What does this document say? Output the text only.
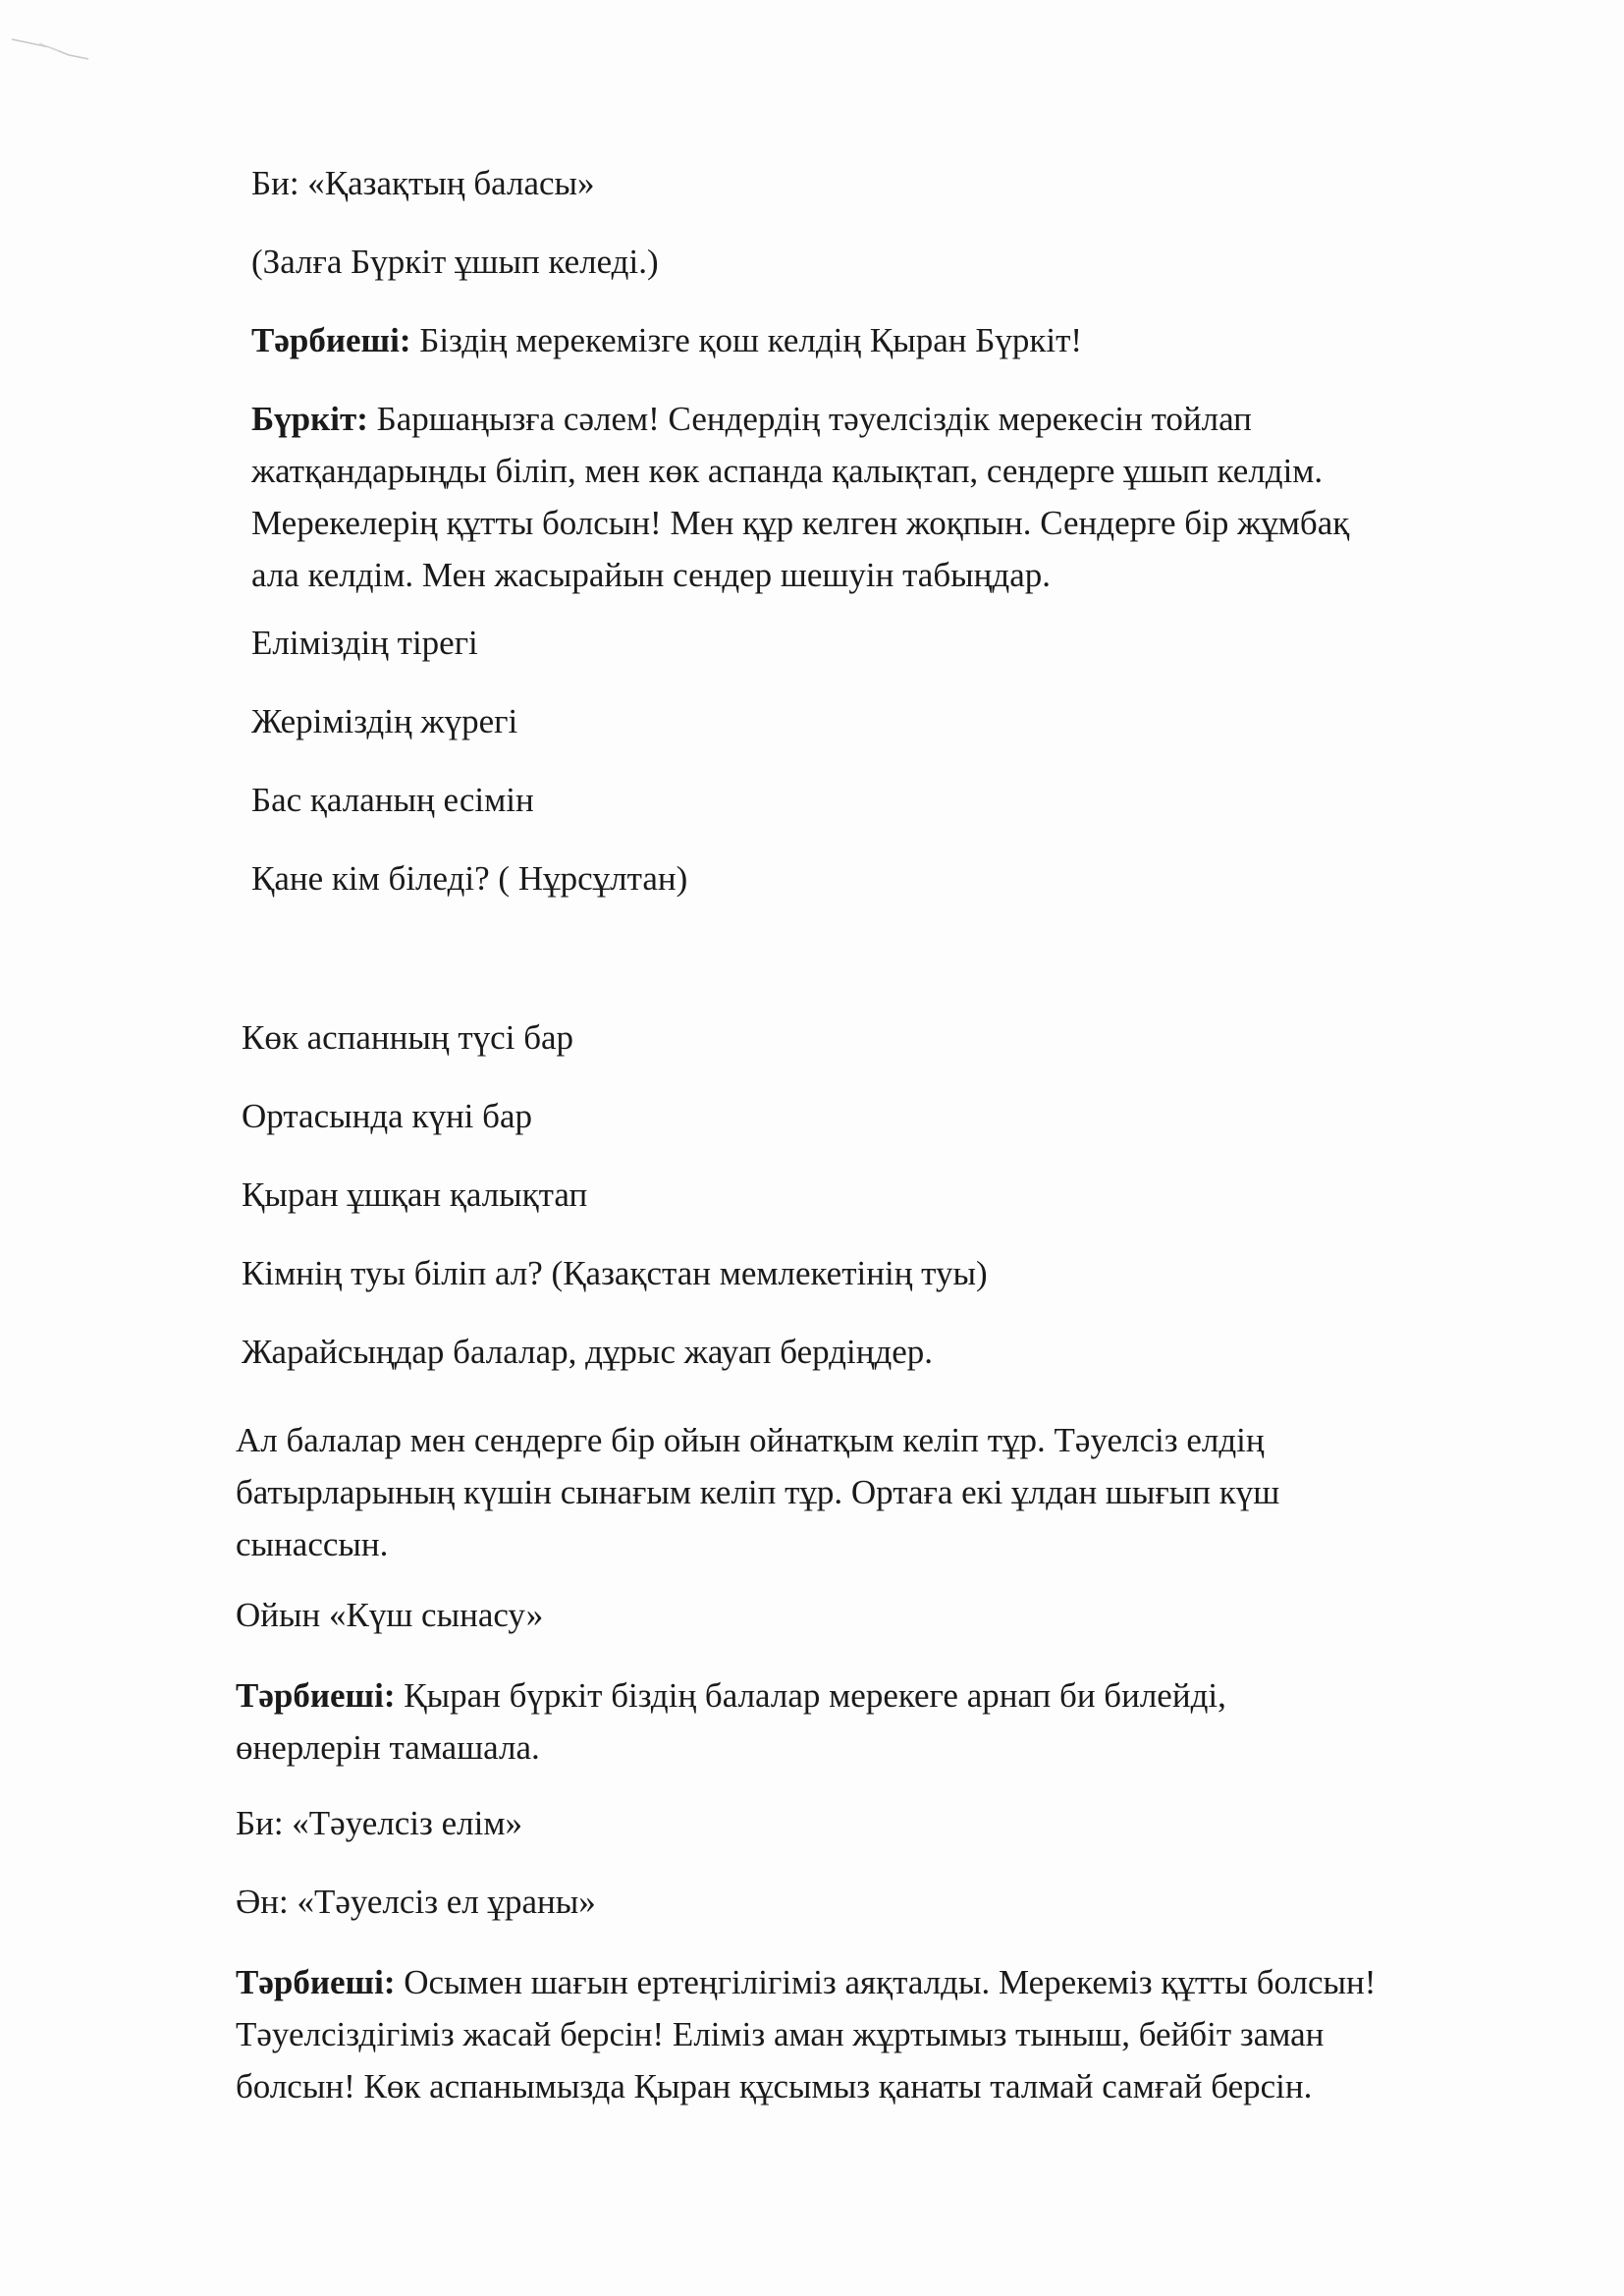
Би: «Қазақтың баласы»
(Залға Бүркіт ұшып келеді.)
Тәрбиеші: Біздің мерекемізге қош келдің Қыран Бүркіт!
Бүркіт: Баршаңызға сәлем! Сендердің тәуелсіздік мерекесін тойлап
жатқандарыңды біліп, мен көк аспанда қалықтап, сендерге ұшып келдім.
Мерекелерің құтты болсын! Мен құр келген жоқпын. Сендерге бір жұмбақ
ала келдім. Мен жасырайын сендер шешуін табыңдар.
Еліміздің тірегі
Жеріміздің жүрегі
Бас қаланың есімін
Қане кім біледі? ( Нұрсұлтан)
Көк аспанның түсі бар
Ортасында күні бар
Қыран ұшқан қалықтап
Кімнің туы біліп ал? (Қазақстан мемлекетінің туы)
Жарайсыңдар балалар, дұрыс жауап бердіңдер.
Ал балалар мен сендерге бір ойын ойнатқым келіп тұр. Тәуелсіз елдің
батырларының күшін сынағым келіп тұр. Ортаға екі ұлдан шығып күш
сынассын.
Ойын «Күш сынасу»
Тәрбиеші: Қыран бүркіт біздің балалар мерекеге арнап би билейді,
өнерлерін тамашала.
Би: «Тәуелсіз елім»
Ән: «Тәуелсіз ел ұраны»
Тәрбиеші: Осымен шағын ертеңгілігіміз аяқталды. Мерекеміз құтты болсын!
Тәуелсіздігіміз жасай берсін! Еліміз аман жұртымыз тыныш, бейбіт заман
болсын! Көк аспанымызда Қыран құсымыз қанаты талмай самғай берсін.
